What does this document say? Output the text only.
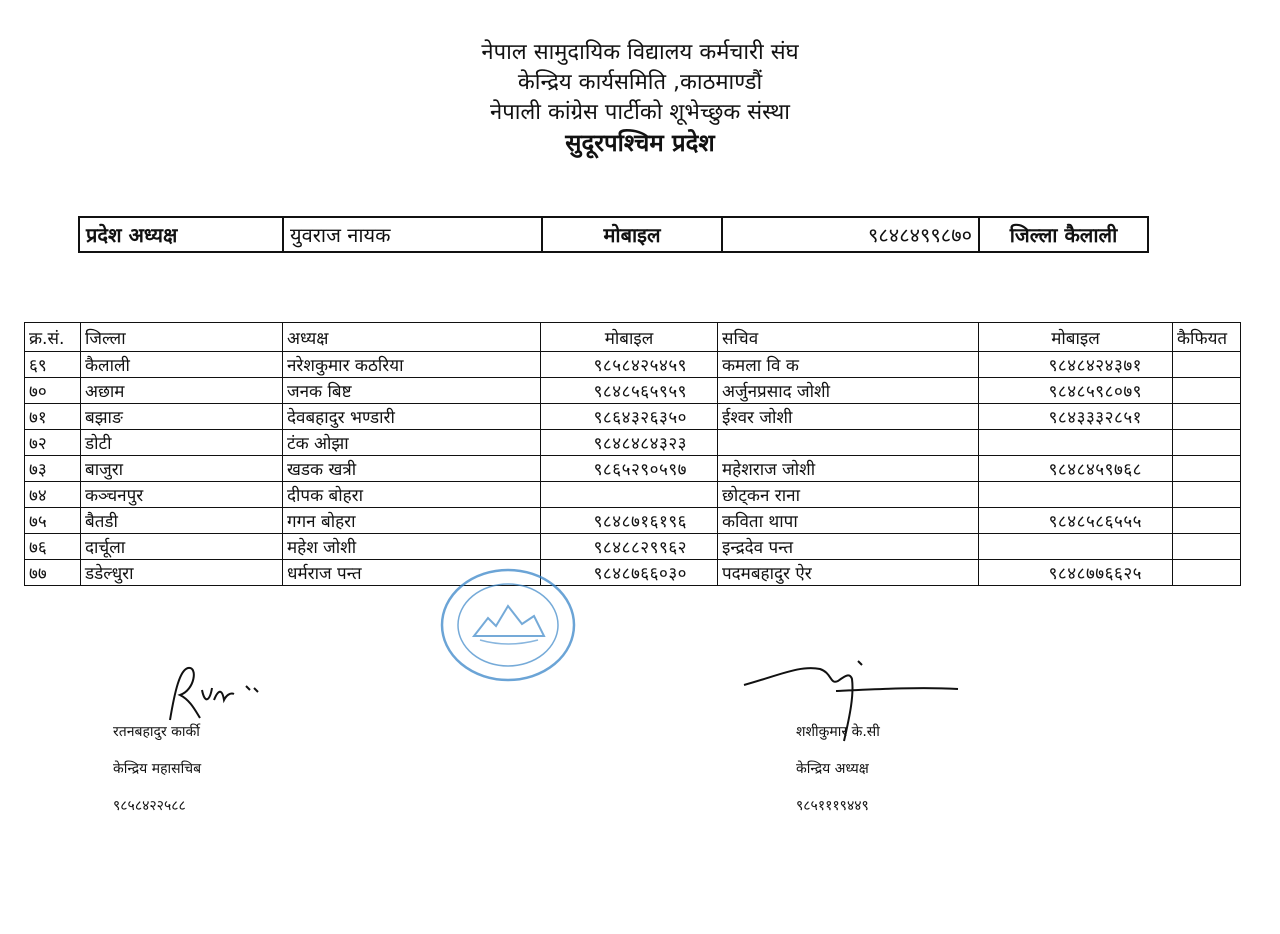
नेपाल सामुदायिक विद्यालय कर्मचारी संघ
केन्द्रिय कार्यसमिति ,काठमाण्डौं
नेपाली कांग्रेस पार्टीको शूभेच्छुक संस्था
सुदूरपश्चिम प्रदेश
प्रदेश अध्यक्ष	युवराज नायक	मोबाइल	९८४८४९९८७०	जिल्ला कैलाली
क्र.सं.	जिल्ला	अध्यक्ष	मोबाइल	सचिव	मोबाइल	कैफियत
६९	कैलाली	नरेशकुमार कठरिया	९८५८४२५४५९	कमला वि क	९८४८४२४३७१	
७०	अछाम	जनक बिष्ट	९८४८५६५९५९	अर्जुनप्रसाद जोशी	९८४८५९८०७९	
७१	बझाङ	देवबहादुर भण्डारी	९८६४३२६३५०	ईश्वर जोशी	९८४३३३२८५१	
७२	डोटी	टंक ओझा	९८४८४८४३२३			
७३	बाजुरा	खडक खत्री	९८६५२९०५९७	महेशराज जोशी	९८४८४५९७६८	
७४	कञ्चनपुर	दीपक बोहरा		छोट्कन राना		
७५	बैतडी	गगन बोहरा	९८४८७१६१९६	कविता थापा	९८४८५८६५५५	
७६	दार्चूला	महेश जोशी	९८४८८२९९६२	इन्द्रदेव पन्त		
७७	डडेल्धुरा	धर्मराज पन्त	९८४८७६६०३०	पदमबहादुर ऐर	९८४८७७६६२५	
रतनबहादुर कार्की
केन्द्रिय महासचिब
९८५८४२२५८८
शशीकुमार के.सी
केन्द्रिय अध्यक्ष
९८५१११९४४९
